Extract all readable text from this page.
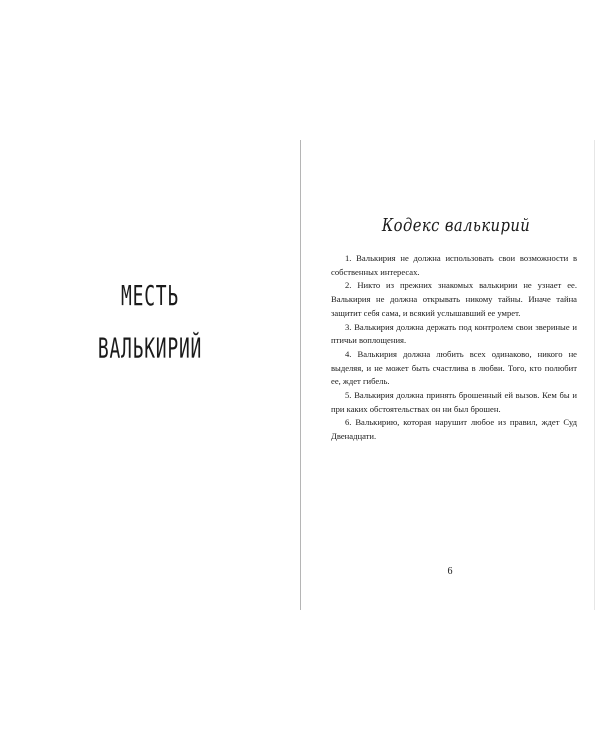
МЕСТЬ
ВАЛЬКИРИЙ
Кодекс валькирий
1. Валькирия не должна использовать свои возможности в собственных интересах.
2. Никто из прежних знакомых валькирии не узнает ее. Валькирия не должна открывать никому тайны. Иначе тайна защитит себя сама, и всякий услышавший ее умрет.
3. Валькирия должна держать под контролем свои звериные и птичьи воплощения.
4. Валькирия должна любить всех одинаково, никого не выделяя, и не может быть счастлива в любви. Того, кто полюбит ее, ждет гибель.
5. Валькирия должна принять брошенный ей вызов. Кем бы и при каких обстоятельствах он ни был брошен.
6. Валькирию, которая нарушит любое из правил, ждет Суд Двенадцати.
6
